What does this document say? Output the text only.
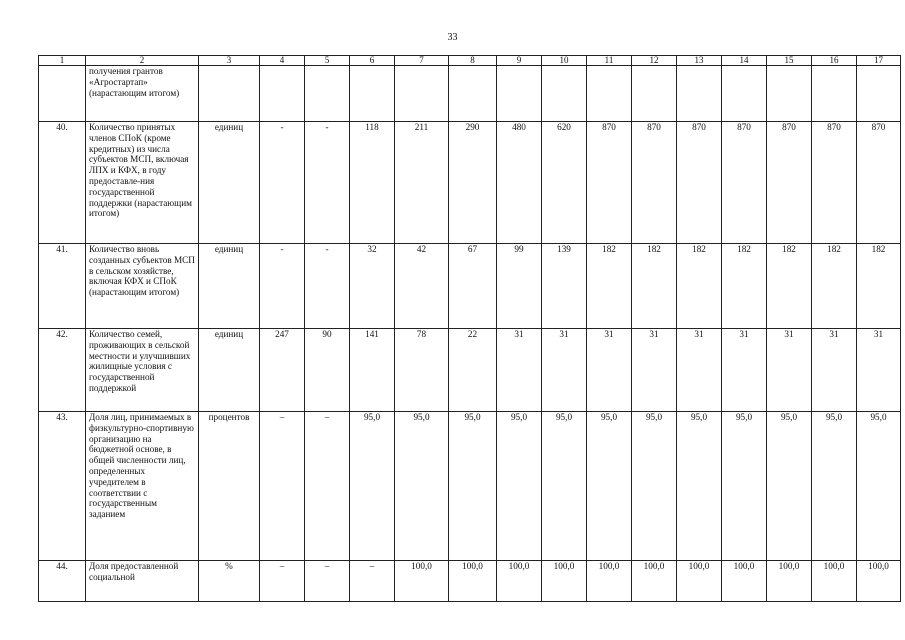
33
1	2	3	4	5	6	7	8	9	10	11	12	13	14	15	16	17
	получения грантов «Агростартап» (нарастающим итогом)															
40.	Количество принятых членов СПоК (кроме кредитных) из числа субъектов МСП, включая ЛПХ и КФХ, в году предоставле-ния государственной поддержки (нарастающим итогом)	единиц	-	-	118	211	290	480	620	870	870	870	870	870	870	870
41.	Количество вновь созданных субъектов МСП в сельском хозяйстве, включая КФХ и СПоК (нарастающим итогом)	единиц	-	-	32	42	67	99	139	182	182	182	182	182	182	182
42.	Количество семей, проживающих в сельской местности и улучшивших жилищные условия с государственной поддержкой	единиц	247	90	141	78	22	31	31	31	31	31	31	31	31	31
43.	Доля лиц, принимаемых в физкультурно-спортивную организацию на бюджетной основе, в общей численности лиц, определенных учредителем в соответствии с государственным заданием	процентов	–	–	95,0	95,0	95,0	95,0	95,0	95,0	95,0	95,0	95,0	95,0	95,0	95,0
44.	Доля предоставленной социальной	%	–	–	–	100,0	100,0	100,0	100,0	100,0	100,0	100,0	100,0	100,0	100,0	100,0
